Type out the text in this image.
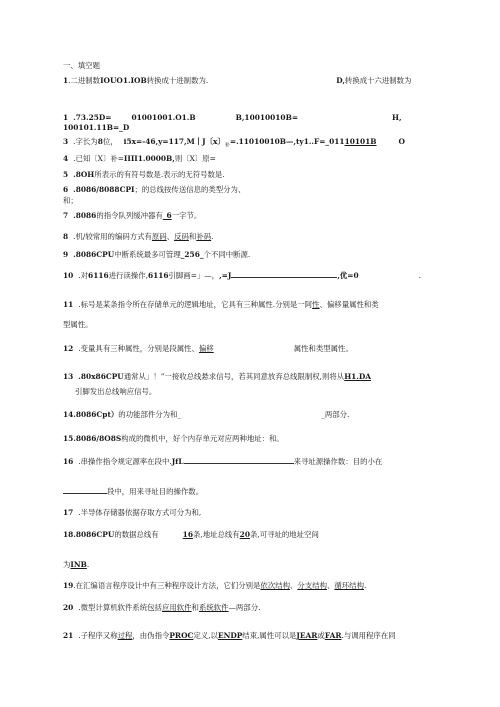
一、填空题
1.二进制数IOUO1.IOB转换成十进制数为.	D,转换成十六进制数为
1 .73.25D=	01001001.O1.B	B,10010010B=	H,
100101.11B=_D
3 .字长为8位， i5x=-46,y=117,M丨J〔x〕$_补$=.11010010B—,ty1..F=_01110101B	O
4 .已知〔X〕补=IIII1.0000B,则〔X〕原=
5 .8OH所表示的有符号数是.表示的无符号数是.
6 .8086/8088CPI；的总线按传送信息的类型分为、
和；
7 .8086的指令队列缓冲器有_6一字节。
8 .机/较常用的编码方式有原码、反码和补码.
9 .8086CPU中断系统最多可管理_256_个不同中断源.
10 .对6116进行读操作,6116引脚画=」—，,=J	,优=0	.
11 .标号是某条指令所在存储单元的逻辑地址，它具有三种属性.分别是一阿性、偏移量属性和类
型属性。
12 .变量具有三种属性，分别是段属性、偏移	属性和类型属性。
13 .80x86CPU通常从」！”一接收总线悬求信号，若其同意放弃总线限制权,则将从H1.DA
引脚发出总线响应信号。
14.8086Cpt）的功能部件分为和_	_两部分.
15.8086/8O8S构成的微机中，好个内存单元对应两种地址：和。
16 .串操作指令规定源率在段中.JfL	来寻址源操作数：目的小在
段中，用来寻址目的操作数。
17 .半导体存储器依据存取方式可分为和,
18.8086CPU的数据总线有	16条,地址总线有20条,可寻址的地址空间
为INB.
19.在汇编语言程序设计中有三种程序设计方法，它们分别是依次结构、分支结构、循环结构.
20 .微型计算机软件系统包括应用软件和系统软件—两部分.
21 .子程序又称过程，由伪指令PROC定义,以ENDP结束,属性可以是JEAR或FAR.与调用程序在同
